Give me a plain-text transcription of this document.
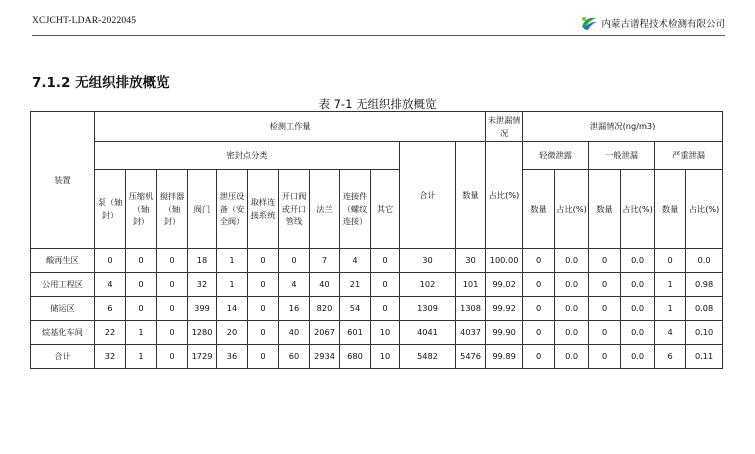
XCJCHT-LDAR-2022045	内蒙古谱程技术检测有限公司
7.1.2 无组织排放概览
表 7-1 无组织排放概览
装置	检测工作量												未泄漏情况	泄漏情况(ng/m3)					
	密封点分类										合计	数量	占比(%)	轻微泄露		一般泄漏		严重泄漏	
	泵（轴
封）	压缩机
（轴
封）	搅拌器
（轴
封）	阀门	泄压设
备（安
全阀）	取样连
接系统	开口阀
或开口
管线	法兰	连接件
（螺纹
连接）	其它				数量	占比(%)	数量	占比(%)	数量	占比(%)
酸再生区	0	0	0	18	1	0	0	7	4	0	30	30	100.00	0	0.0	0	0.0	0	0.0
公用工程区	4	0	0	32	1	0	4	40	21	0	102	101	99.02	0	0.0	0	0.0	1	0.98
储运区	6	0	0	399	14	0	16	820	54	0	1309	1308	99.92	0	0.0	0	0.0	1	0.08
烷基化车间	22	1	0	1280	20	0	40	2067	601	10	4041	4037	99.90	0	0.0	0	0.0	4	0.10
合计	32	1	0	1729	36	0	60	2934	680	10	5482	5476	99.89	0	0.0	0	0.0	6	0.11
